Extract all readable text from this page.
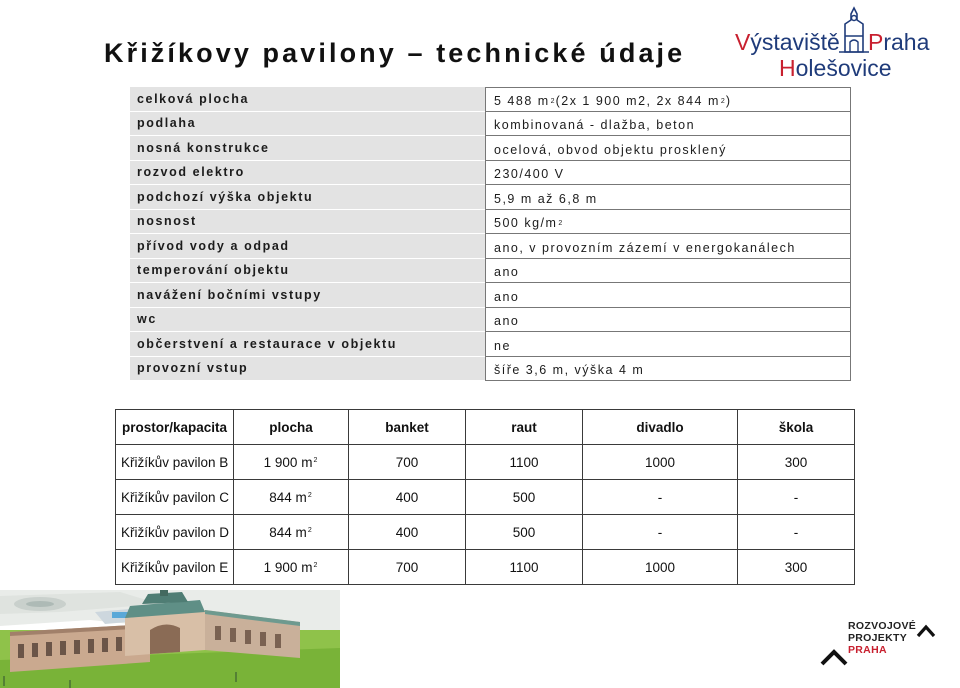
Křižíkovy pavilony – technické údaje Výstaviště Praha
Holešovice
celková plocha	5 488 m 2 (2x 1 900 m2, 2x 844 m 2 )
podlaha	kombinovaná - dlažba, beton
nosná konstrukce	ocelová, obvod objektu prosklený
rozvod elektro	230/400 V
podchozí výška objektu	5,9 m až 6,8 m
nosnost	500 kg/m 2
přívod vody a odpad	ano, v provozním zázemí v energokanálech
temperování objektu	ano
navážení bočními vstupy	ano
wc	ano
občerstvení a restaurace v objektu	ne
provozní vstup	šíře 3,6 m, výška 4 m
prostor/kapacita	plocha	banket	raut	divadlo	škola
Křižíkův pavilon B	1 900 $m^2$	700	1100	1000	300
Křižíkův pavilon C	844 $m^2$	400	500	-	-
Křižíkův pavilon D	844 $m^2$	400	500	-	-
Křižíkův pavilon E	1 900 $m^2$	700	1100	1000	300
ROZVOJOVÉ
PROJEKTY
PRAHA
